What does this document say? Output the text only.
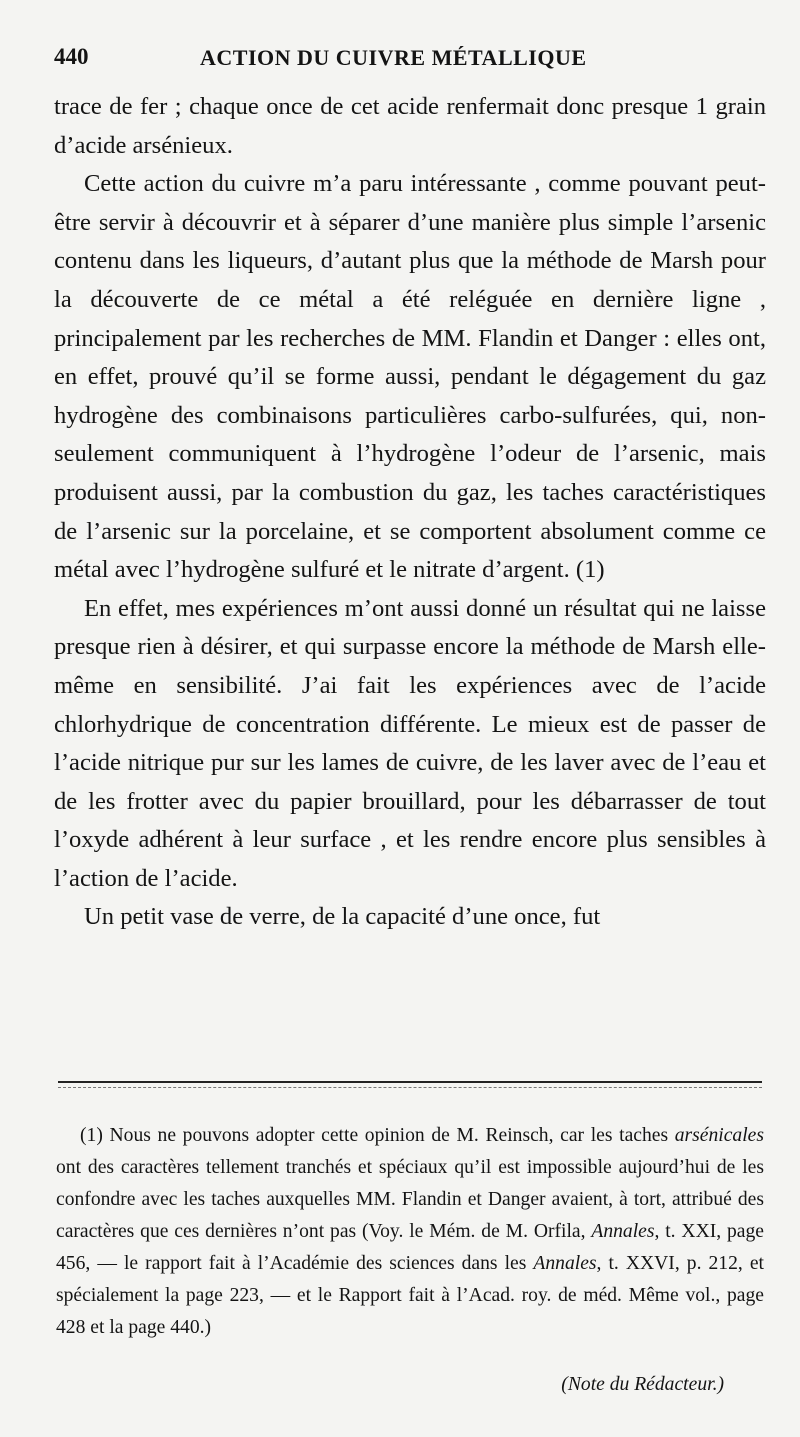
440	ACTION DU CUIVRE MÉTALLIQUE

trace de fer ; chaque once de cet acide renfermait donc presque 1 grain d’acide arsénieux.

Cette action du cuivre m’a paru intéressante , comme pouvant peut-être servir à découvrir et à séparer d’une manière plus simple l’arsenic contenu dans les liqueurs, d’autant plus que la méthode de Marsh pour la découverte de ce métal a été reléguée en dernière ligne , principalement par les recherches de MM. Flandin et Danger : elles ont, en effet, prouvé qu’il se forme aussi, pendant le dégagement du gaz hydrogène des combinaisons particulières carbo-sulfurées, qui, non-seulement communiquent à l’hydrogène l’odeur de l’arsenic, mais produisent aussi, par la combustion du gaz, les taches caractéristiques de l’arsenic sur la porcelaine, et se comportent absolument comme ce métal avec l’hydrogène sulfuré et le nitrate d’argent. (1)

En effet, mes expériences m’ont aussi donné un résultat qui ne laisse presque rien à désirer, et qui surpasse encore la méthode de Marsh elle-même en sensibilité. J’ai fait les expériences avec de l’acide chlorhydrique de concentration différente. Le mieux est de passer de l’acide nitrique pur sur les lames de cuivre, de les laver avec de l’eau et de les frotter avec du papier brouillard, pour les débarrasser de tout l’oxyde adhérent à leur surface , et les rendre encore plus sensibles à l’action de l’acide.

Un petit vase de verre, de la capacité d’une once, fut

(1) Nous ne pouvons adopter cette opinion de M. Reinsch, car les taches arsénicales ont des caractères tellement tranchés et spéciaux qu’il est impossible aujourd’hui de les confondre avec les taches auxquelles MM. Flandin et Danger avaient, à tort, attribué des caractères que ces dernières n’ont pas (Voy. le Mém. de M. Orfila, Annales, t. XXI, page 456, — le rapport fait à l’Académie des sciences dans les Annales, t. XXVI, p. 212, et spécialement la page 223, — et le Rapport fait à l’Acad. roy. de méd. Même vol., page 428 et la page 440.)

(Note du Rédacteur.)
